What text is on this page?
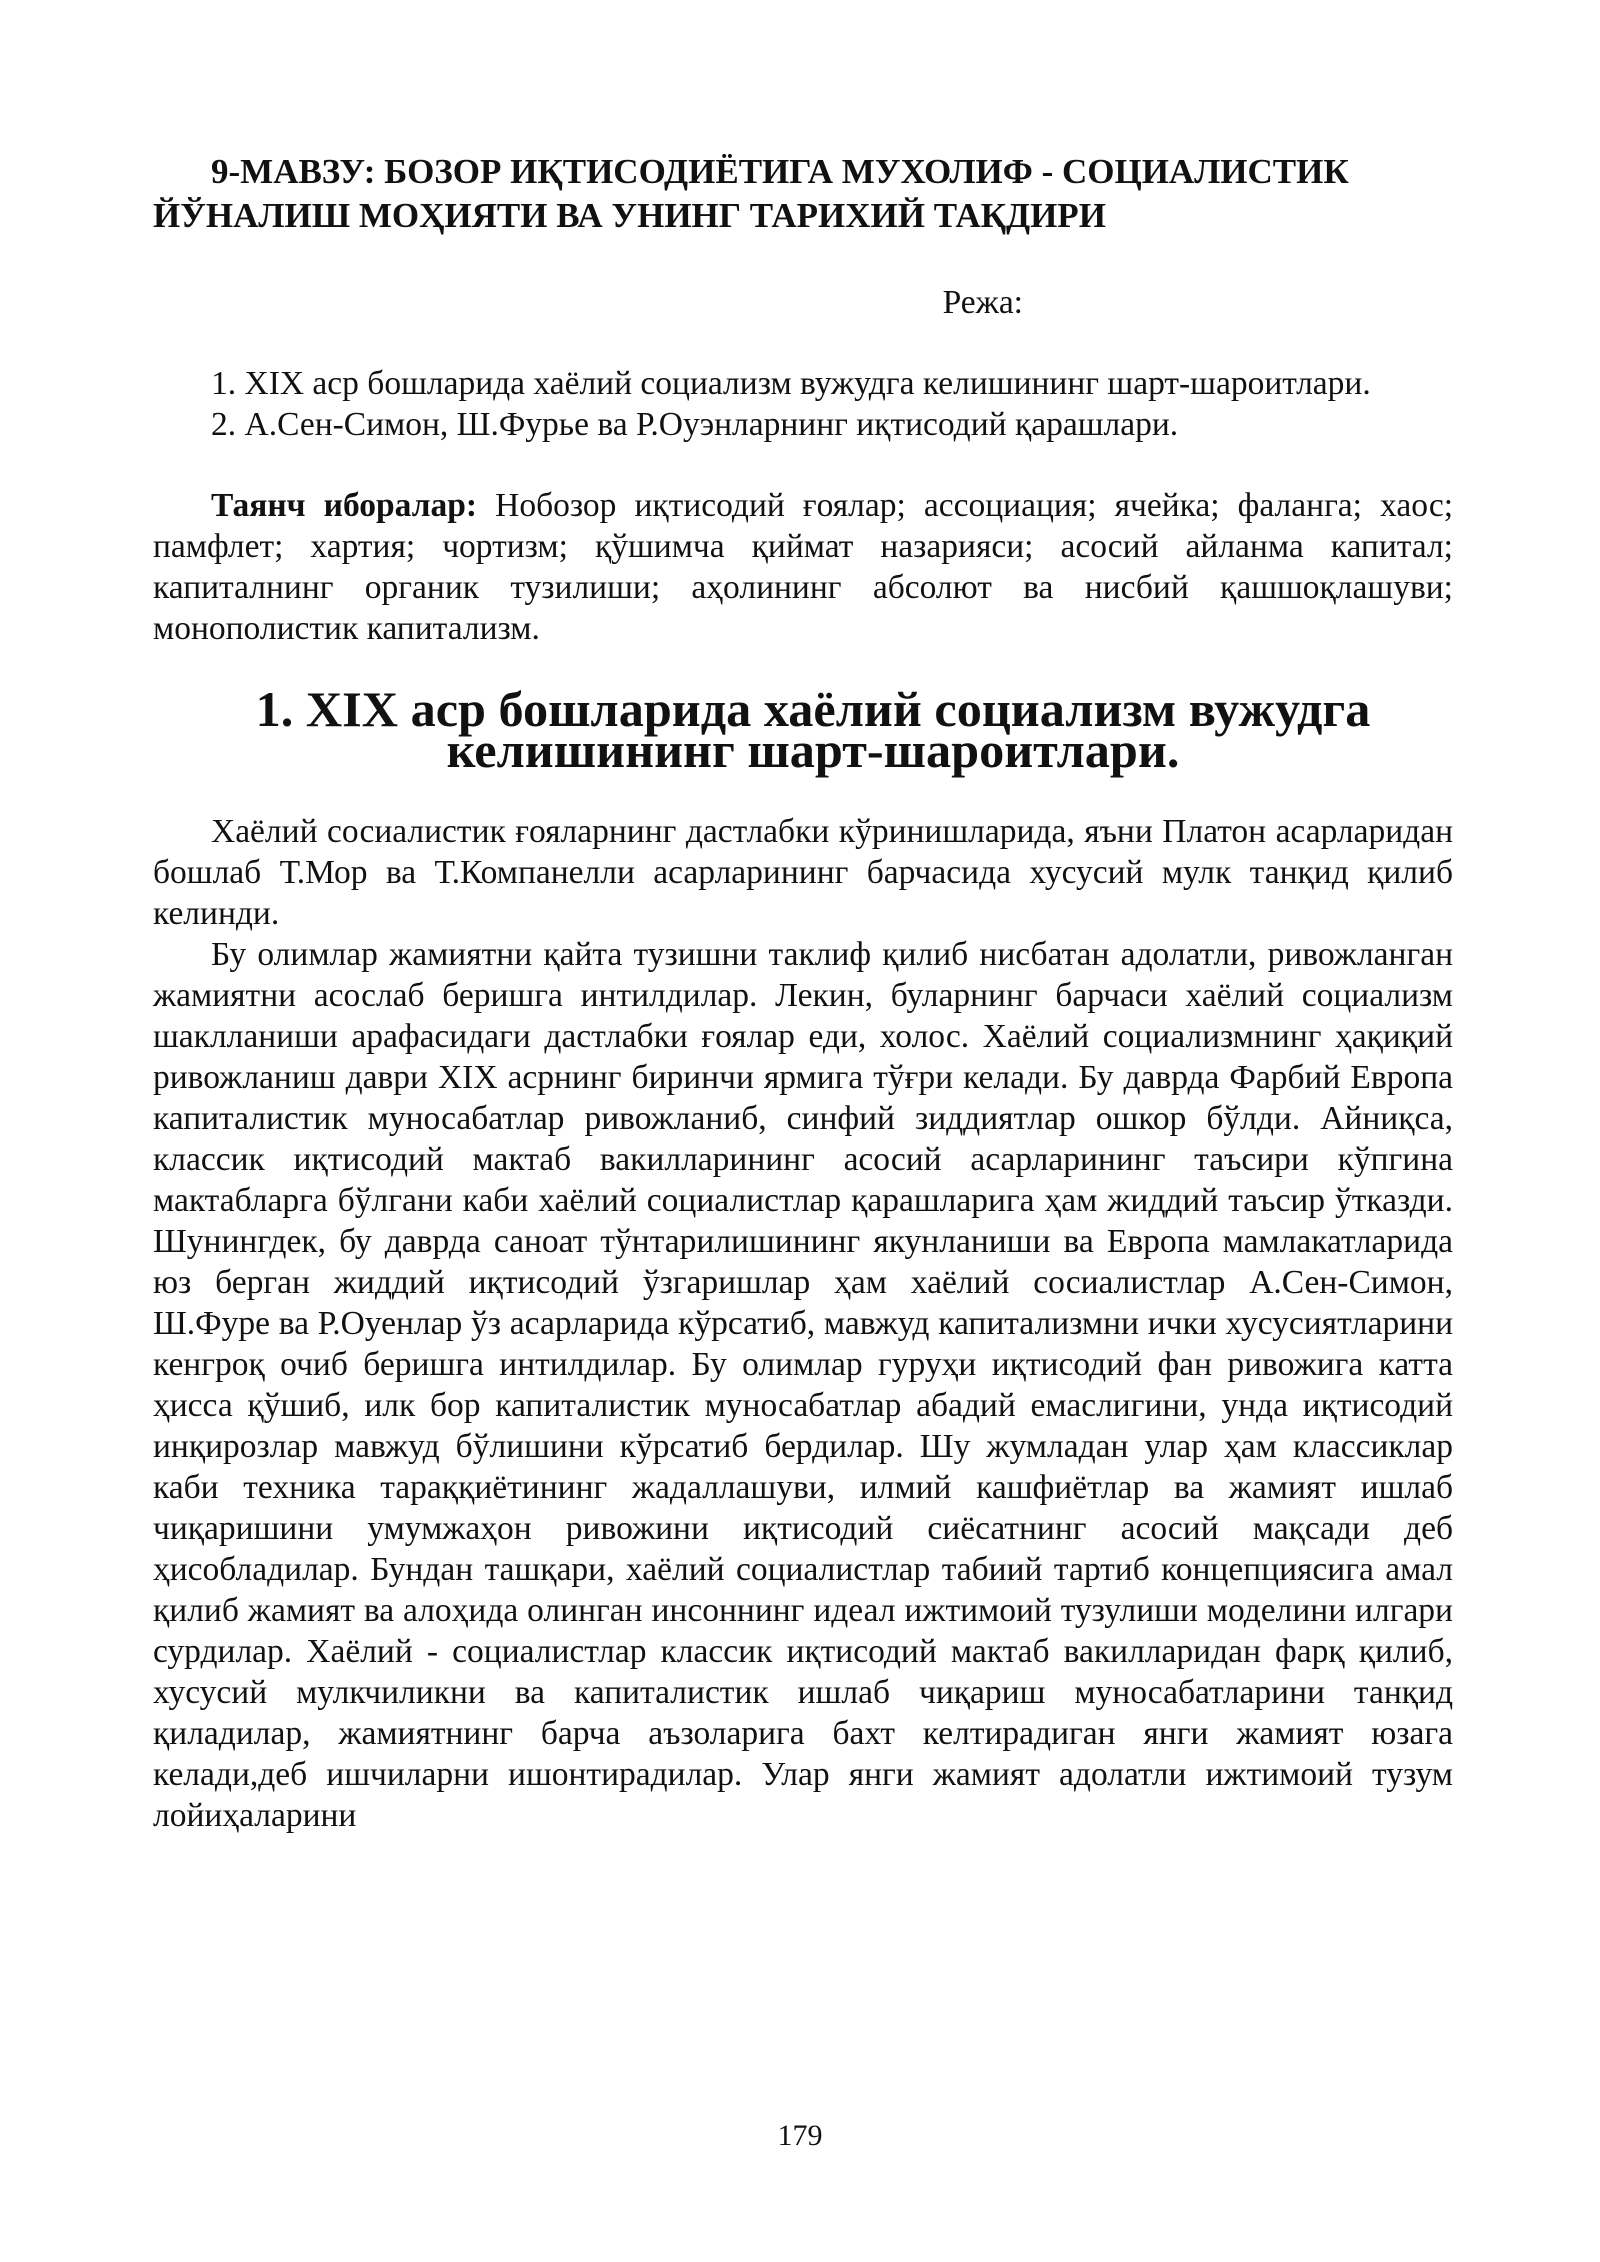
9-МАВЗУ: БОЗОР ИҚТИСОДИЁТИГА МУХОЛИФ - СОЦИАЛИСТИК
ЙЎНАЛИШ МОҲИЯТИ ВА УНИНГ ТАРИХИЙ ТАҚДИРИ
Режа:
1. XIX аср бошларида хаёлий социализм вужудга келишининг шарт-шароитлари.
2. А.Сен-Симон, Ш.Фурье ва Р.Оуэнларнинг иқтисодий қарашлари.

Таянч иборалар: Нобозор иқтисодий ғоялар; ассоциация; ячейка; фаланга; хаос; памфлет; хартия; чортизм; қўшимча қиймат назарияси; асосий айланма капитал; капиталнинг органик тузилиши; аҳолининг абсолют ва нисбий қашшоқлашуви; монополистик капитализм.

1. XIX аср бошларида хаёлий социализм вужудга келишининг шарт-шароитлари.

Хаёлий сосиалистик ғояларнинг дастлабки кўринишларида, яъни Платон асарларидан бошлаб Т.Мор ва Т.Компанелли асарларининг барчасида хусусий мулк танқид қилиб келинди.

Бу олимлар жамиятни қайта тузишни таклиф қилиб нисбатан адолатли, ривожланган жамиятни асослаб беришга интилдилар. Лекин, буларнинг барчаси хаёлий социализм шаклланиши арафасидаги дастлабки ғоялар еди, холос. Хаёлий социализмнинг ҳақиқий ривожланиш даври XIX асрнинг биринчи ярмига тўғри келади. Бу даврда Фарбий Европа капиталистик муносабатлар ривожланиб, синфий зиддиятлар ошкор бўлди. Айниқса, классик иқтисодий мактаб вакилларининг асосий асарларининг таъсири кўпгина мактабларга бўлгани каби хаёлий социалистлар қарашларига ҳам жиддий таъсир ўтказди. Шунингдек, бу даврда саноат тўнтарилишининг якунланиши ва Европа мамлакатларида юз берган жиддий иқтисодий ўзгаришлар ҳам хаёлий сосиалистлар А.Сен-Симон, Ш.Фуре ва Р.Оуенлар ўз асарларида кўрсатиб, мавжуд капитализмни ички хусусиятларини кенгроқ очиб беришга интилдилар. Бу олимлар гуруҳи иқтисодий фан ривожига катта ҳисса қўшиб, илк бор капиталистик муносабатлар абадий емаслигини, унда иқтисодий инқирозлар мавжуд бўлишини кўрсатиб бердилар. Шу жумладан улар ҳам классиклар каби техника тараққиётининг жадаллашуви, илмий кашфиётлар ва жамият ишлаб чиқаришини умумжаҳон ривожини иқтисодий сиёсатнинг асосий мақсади деб ҳисобладилар. Бундан ташқари, хаёлий социалистлар табиий тартиб концепциясига амал қилиб жамият ва алоҳида олинган инсоннинг идеал ижтимоий тузулиши моделини илгари сурдилар. Хаёлий - социалистлар классик иқтисодий мактаб вакилларидан фарқ қилиб, хусусий мулкчиликни ва капиталистик ишлаб чиқариш муносабатларини танқид қиладилар, жамиятнинг барча аъзоларига бахт келтирадиган янги жамият юзага келади,деб ишчиларни ишонтирадилар. Улар янги жамият адолатли ижтимоий тузум лойиҳаларини

179
